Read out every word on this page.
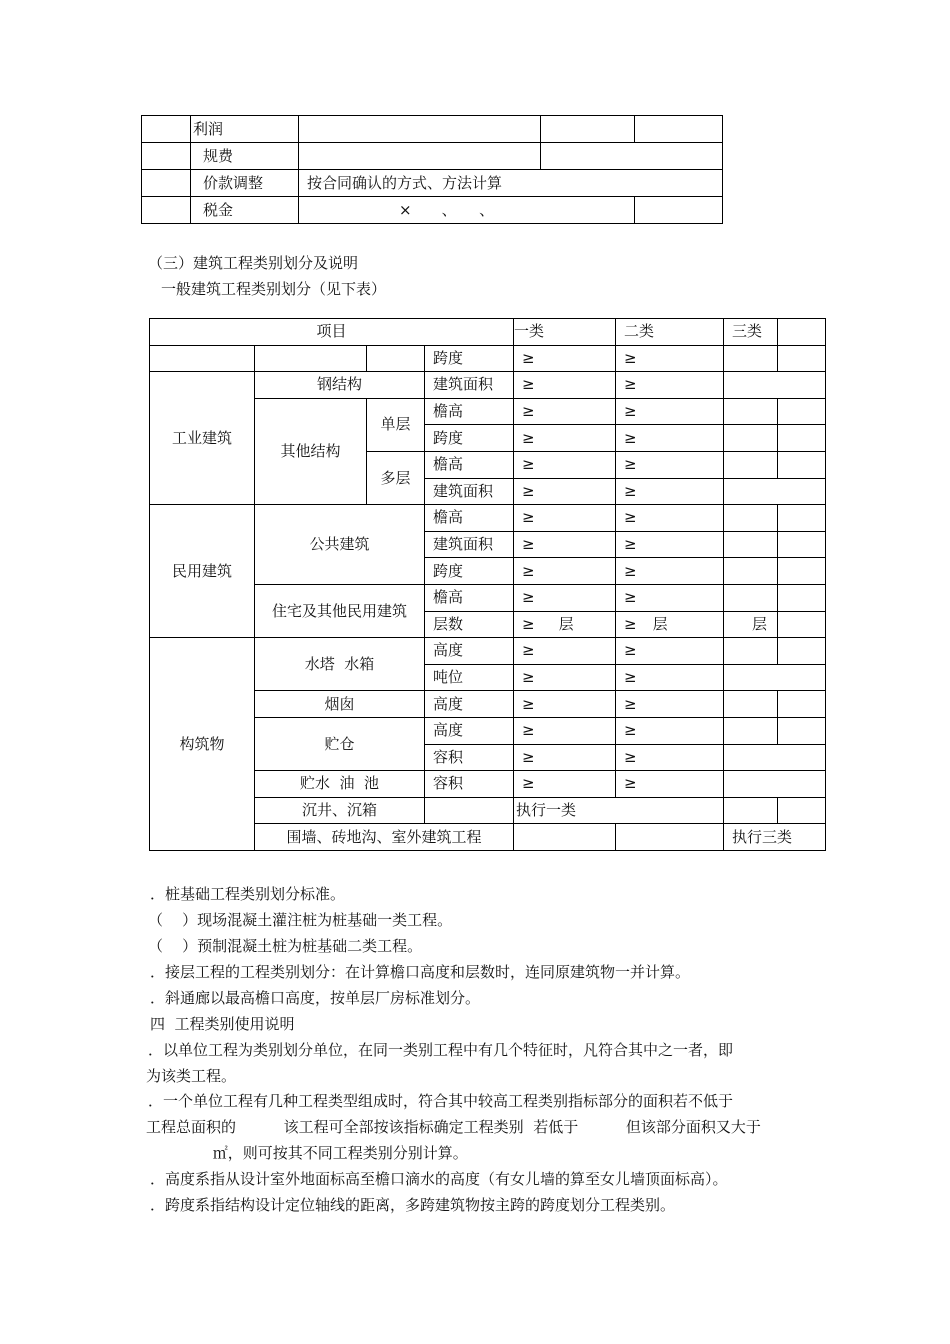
	利润			
	规费			
	价款调整	按合同确认的方式、方法计算		
	税金	×　　、　　、		
（三）建筑工程类别划分及说明
一般建筑工程类别划分（见下表）
项目				一类	二类	三类	
			跨度	≥	≥		
工业建筑	钢结构		建筑面积	≥	≥		
	其他结构	单层	檐高	≥	≥		
			跨度	≥	≥		
		多层	檐高	≥	≥		
			建筑面积	≥	≥		
民用建筑	公共建筑		檐高	≥	≥		
			建筑面积	≥	≥		
			跨度	≥	≥		
	住宅及其他民用建筑		檐高	≥	≥		
			层数	≥ 层	≥ 层	层	
构筑物	水塔  水箱		高度	≥	≥		
			吨位	≥	≥		
	烟囱		高度	≥	≥		
	贮仓		高度	≥	≥		
			容积	≥	≥		
	贮水  油  池		容积	≥	≥		
	沉井、沉箱			执行一类			
	围墙、砖地沟、室外建筑工程					执行三类	
．桩基础工程类别划分标准。
（    ）现场混凝土灌注桩为桩基础一类工程。
（    ）预制混凝土桩为桩基础二类工程。
．接层工程的工程类别划分：在计算檐口高度和层数时，连同原建筑物一并计算。
．斜通廊以最高檐口高度，按单层厂房标准划分。
四  工程类别使用说明
．以单位工程为类别划分单位，在同一类别工程中有几个特征时，凡符合其中之一者，即
为该类工程。
．一个单位工程有几种工程类型组成时，符合其中较高工程类别指标部分的面积若不低于
工程总面积的          该工程可全部按该指标确定工程类别  若低于          但该部分面积又大于
㎡，则可按其不同工程类别分别计算。
．高度系指从设计室外地面标高至檐口滴水的高度（有女儿墙的算至女儿墙顶面标高）。
．跨度系指结构设计定位轴线的距离，多跨建筑物按主跨的跨度划分工程类别。
